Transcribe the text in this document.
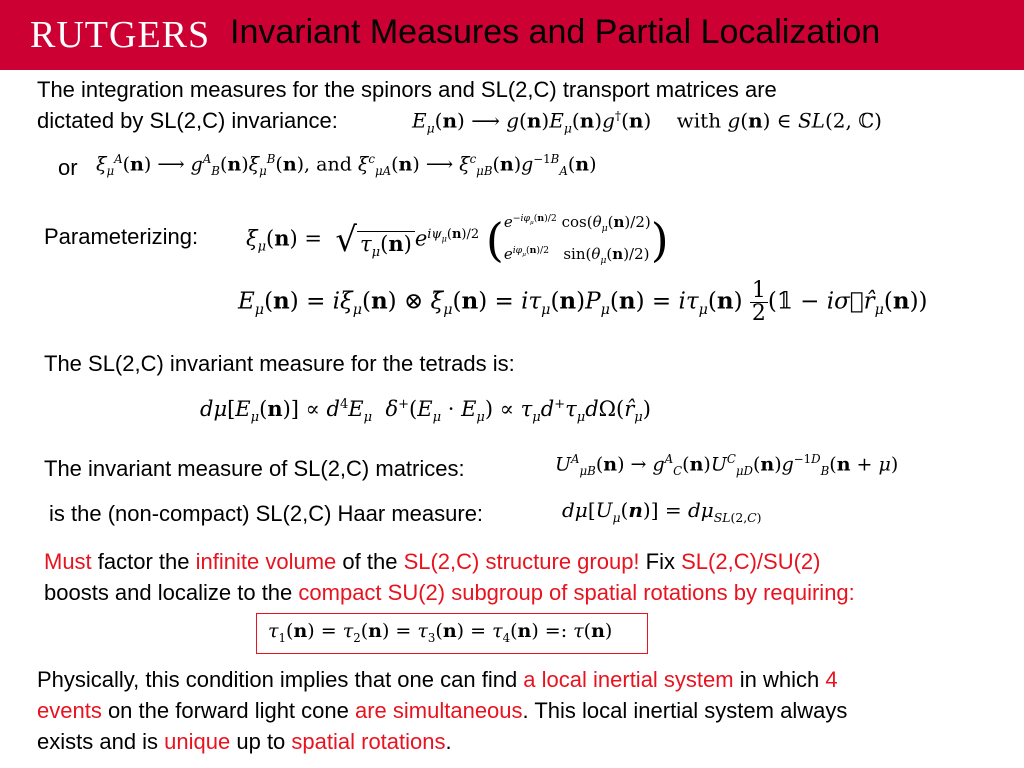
RUTGERS Invariant Measures and Partial Localization
The integration measures for the spinors and SL(2,C) transport matrices are
dictated by SL(2,C) invariance:	$E_\mu(n)$ ⟶ $g(n)E_\mu(n)g^\dagger(n)$    with g(n) ∈ SL(2, ℂ)
or $\xi_\mu^A(n)$ ⟶ $g^A_B(n)\xi_\mu^B(n)$, and $\xi^c_{\mu A}(n)$ ⟶ $\xi^c_{\mu B}(n)g^{-1B}_A(n)$
Parameterizing: $\xi_\mu(n)$ =  √ $\tau_\mu(n)$ $e^{i\psi_\mu(n)/2}$ ($e^{-i\varphi_\mu(n)/2}$ $\cos(\theta_\mu(n)/2)$
$e^{i\varphi_\mu(n)/2}$   $\sin(\theta_\mu(n)/2)$)
$E_\mu(n) = i\xi_\mu(n)$ ⊗ $\xī_\mu(n) = i\tau_\mu(n)P_\mu(n) = i\tau_\mu(n) \frac{1}{2}$ (𝟙 − $i\sigma⃗r̂_\mu(n)$)
The SL(2,C) invariant measure for the tetrads is:
$d\mu[E_\mu(n)] \propto d^4E_\mu$ $\delta^+(E_\mu \cdot E_\mu)$ ∝ $\tau_\mu d^+\tau_\mu d\Omega(r̂_\mu)$
The invariant measure of SL(2,C) matrices:	$U^A_{\mu B}(n) \to g^A_C(n)U^C_{\mu D}(n)g^{-1D}_B(n + \mu)$
is the (non-compact) SL(2,C) Haar measure:	$d\mu[U_\mu(n)] = d\mu_{SL(2,C)}$
Must factor the infinite volume of the SL(2,C) structure group! Fix SL(2,C)/SU(2)
boosts and localize to the compact SU(2) subgroup of spatial rotations by requiring:
$\tau_1(n) = \tau_2(n) = \tau_3(n) = \tau_4(n)$ =: τ(n)
Physically, this condition implies that one can find a local inertial system in which 4
events on the forward light cone are simultaneous. This local inertial system always
exists and is unique up to spatial rotations.
